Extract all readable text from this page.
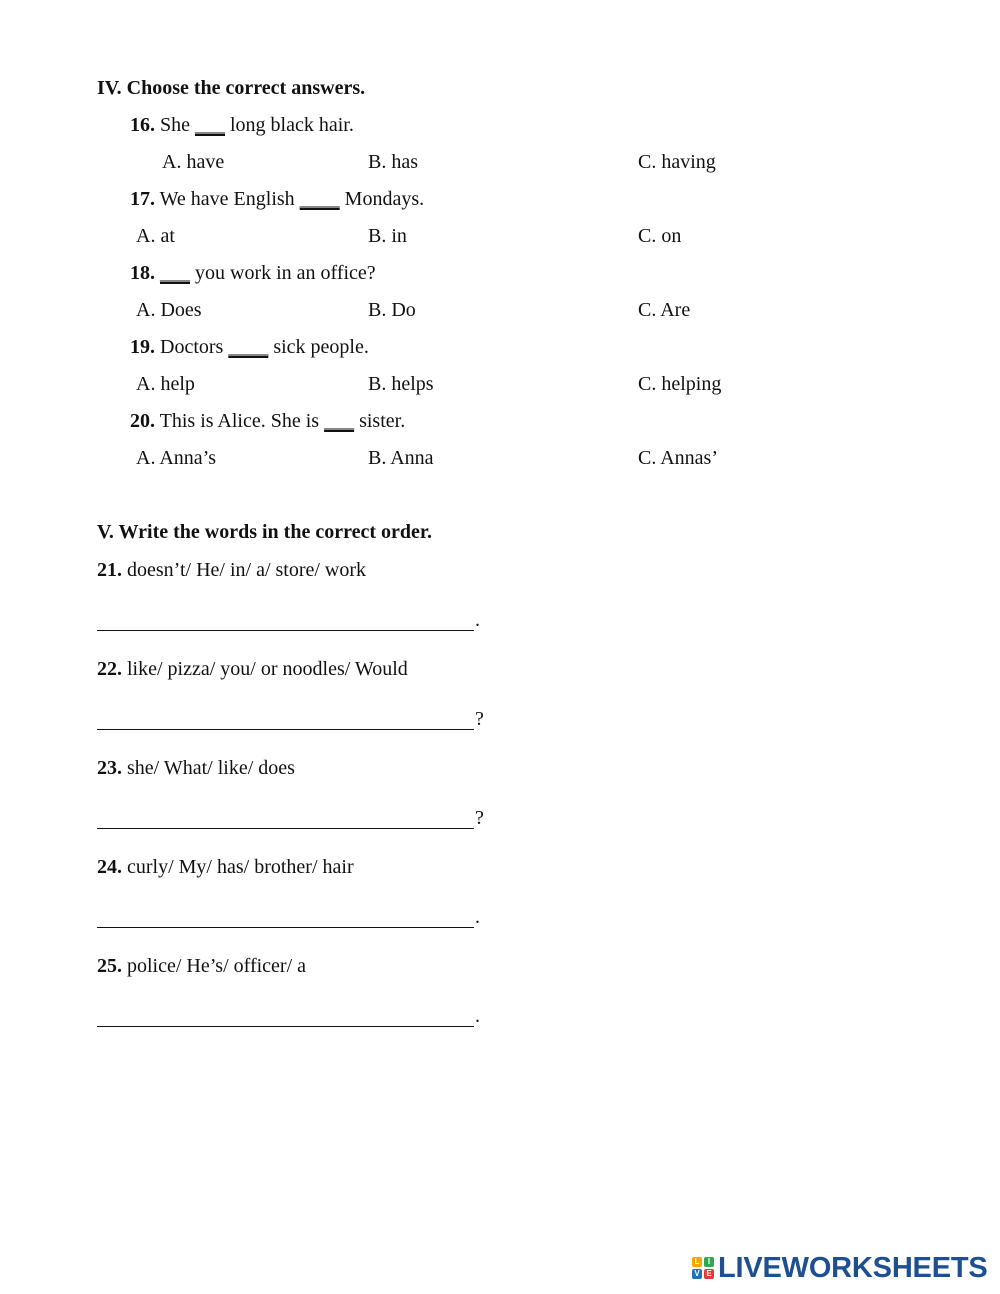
IV. Choose the correct answers.
16. She ___ long black hair.
A. have	B. has	C. having
17. We have English ____ Mondays.
A. at	B. in	C. on
18. ___ you work in an office?
A. Does	B. Do	C. Are
19. Doctors ____ sick people.
A. help	B. helps	C. helping
20. This is Alice. She is ___ sister.
A. Anna’s	B. Anna	C. Annas’
V. Write the words in the correct order.
21. doesn’t/ He/ in/ a/ store/ work
.
22. like/ pizza/ you/ or noodles/ Would
?
23. she/ What/ like/ does
?
24. curly/ My/ has/ brother/ hair
.
25. police/ He’s/ officer/ a
.
L	I
V E LIVEWORKSHEETS
